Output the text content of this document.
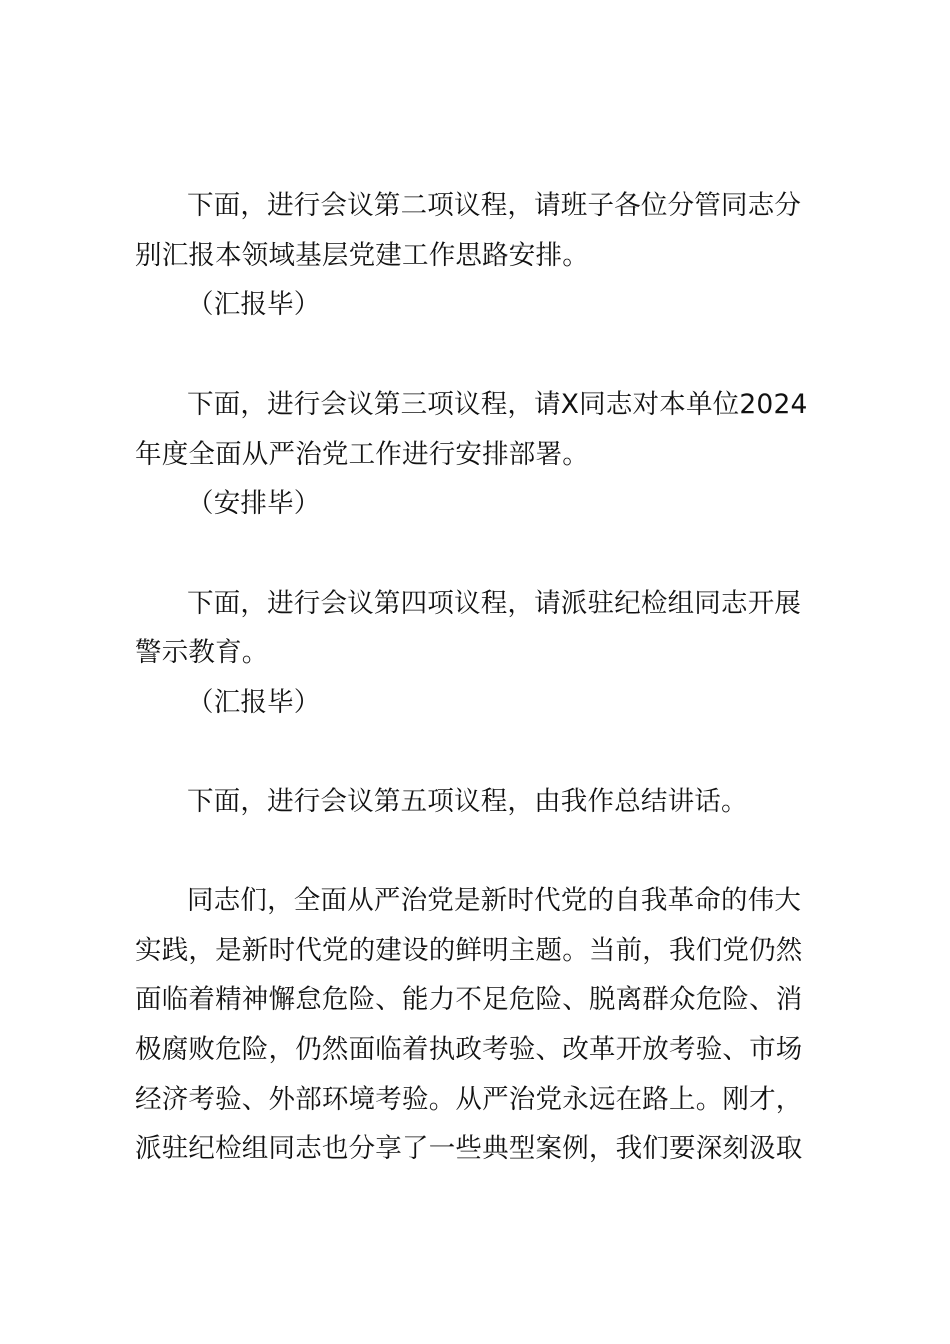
下面，进行会议第二项议程，请班子各位分管同志分
别汇报本领域基层党建工作思路安排。
（汇报毕）
下面，进行会议第三项议程，请X同志对本单位2024
年度全面从严治党工作进行安排部署。
（安排毕）
下面，进行会议第四项议程，请派驻纪检组同志开展
警示教育。
（汇报毕）
下面，进行会议第五项议程，由我作总结讲话。
同志们，全面从严治党是新时代党的自我革命的伟大
实践，是新时代党的建设的鲜明主题。当前，我们党仍然
面临着精神懈怠危险、能力不足危险、脱离群众危险、消
极腐败危险，仍然面临着执政考验、改革开放考验、市场
经济考验、外部环境考验。从严治党永远在路上。刚才，
派驻纪检组同志也分享了一些典型案例，我们要深刻汲取
